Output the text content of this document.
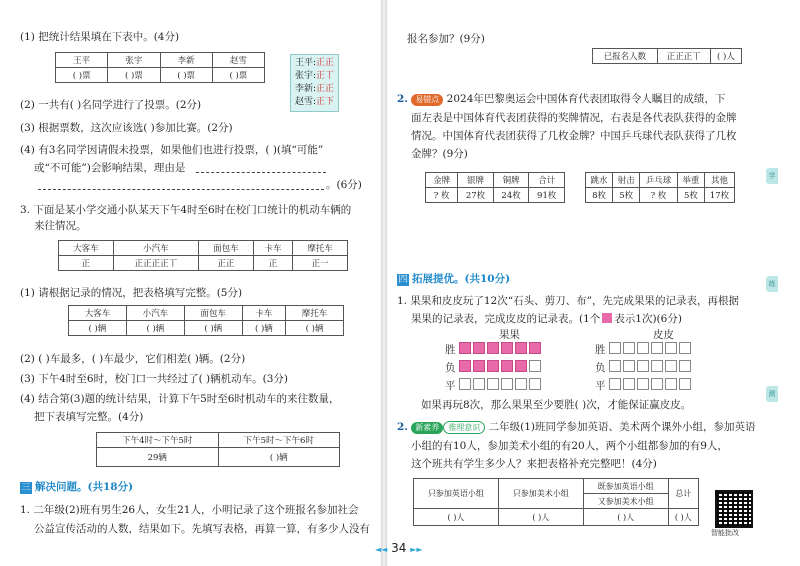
(1) 把统计结果填在下表中。(4分)
王平	张宇	李新	赵雪
( )票	( )票	( )票	( )票
王平:正正
张宇:正丅
李新:正正
赵雪:正下
(2) 一共有( )名同学进行了投票。(2分)
(3) 根据票数，这次应该选( )参加比赛。(2分)
(4) 有3名同学因请假未投票，如果他们也进行投票，( )(填“可能”
或“不可能”)会影响结果，理由是
。(6分)
3. 下面是某小学交通小队某天下午4时至6时在校门口统计的机动车辆的
来往情况。
大客车	小汽车	面包车	卡车	摩托车
正	正正正正丅	正正	正	正一
(1) 请根据记录的情况，把表格填写完整。(5分)
大客车	小汽车	面包车	卡车	摩托车
( )辆	( )辆	( )辆	( )辆	( )辆
(2) ( )车最多，( )车最少，它们相差( )辆。(2分)
(3) 下午4时至6时，校门口一共经过了( )辆机动车。(3分)
(4) 结合第(3)题的统计结果，计算下午5时至6时机动车的来往数量，
把下表填写完整。(4分)
下午4时～下午5时	下午5时～下午6时
29辆	( )辆
三 解决问题。(共18分)
1. 二年级(2)班有男生26人，女生21人，小明记录了这个班报名参加社会
公益宣传活动的人数，结果如下。先填写表格，再算一算，有多少人没有
报名参加？(9分)
已报名人数	正正正丅	( )人
2. 易错点 2024年巴黎奥运会中国体育代表团取得令人瞩目的成绩，下
面左表是中国体育代表团获得的奖牌情况，右表是各代表队获得的金牌
情况。中国体育代表团获得了几枚金牌？中国乒乓球代表队获得了几枚
金牌？(9分)
金牌	银牌	铜牌	合计
? 枚	27枚	24枚	91枚
跳水	射击	乒乓球	举重	其他
8枚	5枚	? 枚	5枚	17枚
四 拓展提优。(共10分)
1. 果果和皮皮玩了12次“石头、剪刀、布”，先完成果果的记录表，再根据
果果的记录表，完成皮皮的记录表。(1个 表示1次)(6分)
果果	皮皮
胜
负
平
胜
负
平
如果再玩8次，那么果果至少要胜( )次，才能保证赢皮皮。
2. 新素养 推理意识 二年级(1)班同学参加英语、美术两个课外小组，参加英语
小组的有10人，参加美术小组的有20人，两个小组都参加的有9人，
这个班共有学生多少人？来把表格补充完整吧！(4分)
只参加英语小组	只参加美术小组	既参加英语小组	总计
		又参加美术小组	
( )人	( )人	( )人	( )人
智能批改
学
练
测
◄◄ 34 ►►
